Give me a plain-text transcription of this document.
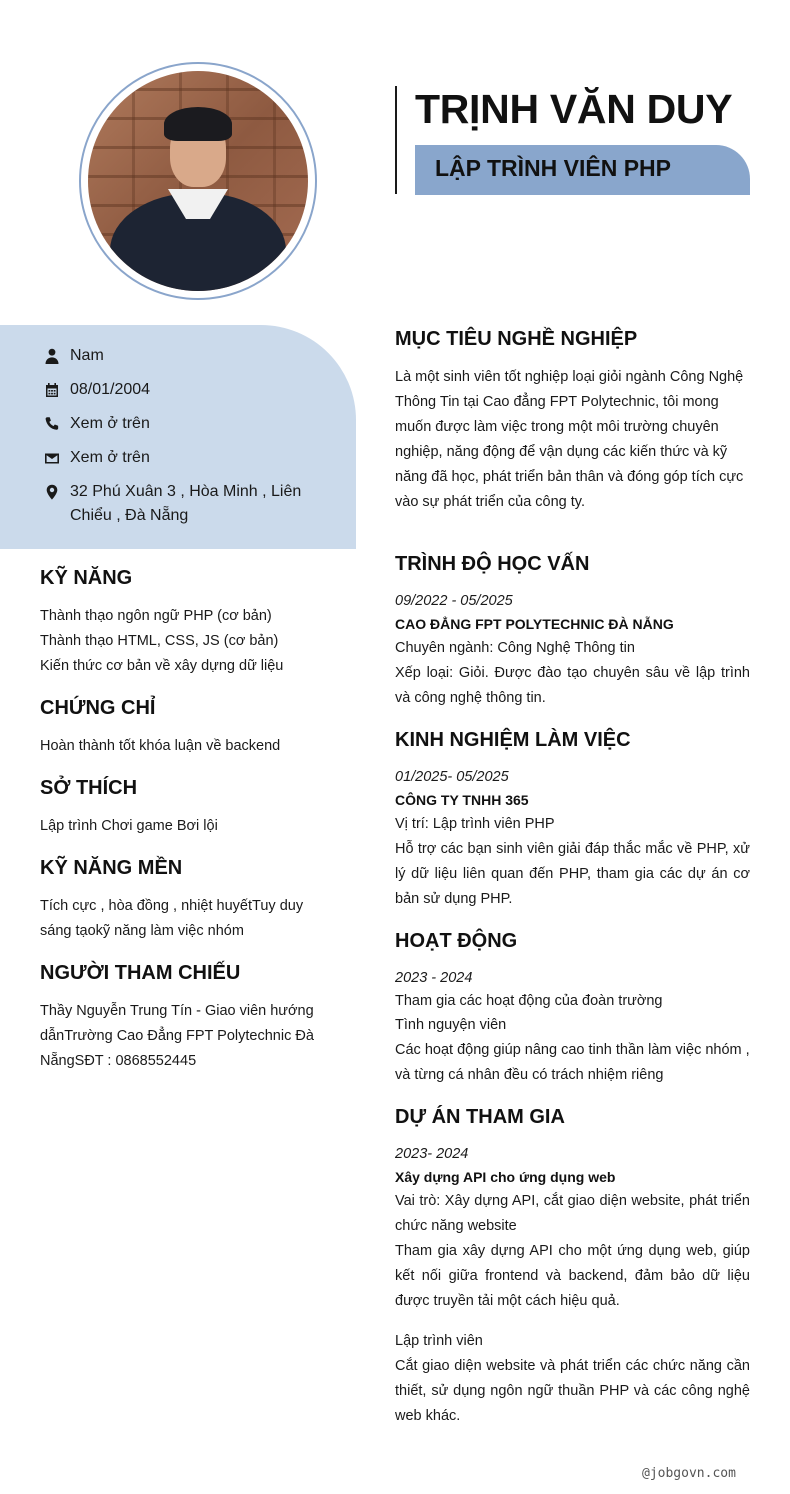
TRỊNH VĂN DUY
LẬP TRÌNH VIÊN PHP
Nam
08/01/2004
Xem ở trên
Xem ở trên
32 Phú Xuân 3 , Hòa Minh , Liên Chiểu , Đà Nẵng
KỸ NĂNG
Thành thạo ngôn ngữ PHP (cơ bản)
Thành thạo HTML, CSS, JS (cơ bản)
Kiến thức cơ bản về xây dựng dữ liệu
CHỨNG CHỈ
Hoàn thành tốt khóa luận về backend
SỞ THÍCH
Lập trình Chơi game Bơi lội
KỸ NĂNG MỀN
Tích cực , hòa đồng , nhiệt huyếtTuy duy sáng tạokỹ năng làm việc nhóm
NGƯỜI THAM CHIẾU
Thầy Nguyễn Trung Tín - Giao viên hướng dẫnTrường Cao Đẳng FPT Polytechnic Đà NẵngSĐT : 0868552445
MỤC TIÊU NGHỀ NGHIỆP
Là một sinh viên tốt nghiệp loại giỏi ngành Công Nghệ Thông Tin tại Cao đẳng FPT Polytechnic, tôi mong muốn được làm việc trong một môi trường chuyên nghiệp, năng động để vận dụng các kiến thức và kỹ năng đã học, phát triển bản thân và đóng góp tích cực vào sự phát triển của công ty.
TRÌNH ĐỘ HỌC VẤN
09/2022 - 05/2025
CAO ĐẲNG FPT POLYTECHNIC ĐÀ NẴNG
Chuyên ngành: Công Nghệ Thông tin
Xếp loại: Giỏi. Được đào tạo chuyên sâu về lập trình và công nghệ thông tin.
KINH NGHIỆM LÀM VIỆC
01/2025- 05/2025
CÔNG TY TNHH 365
Vị trí: Lập trình viên PHP
Hỗ trợ các bạn sinh viên giải đáp thắc mắc về PHP, xử lý dữ liệu liên quan đến PHP, tham gia các dự án cơ bản sử dụng PHP.
HOẠT ĐỘNG
2023 - 2024
Tham gia các hoạt động của đoàn trường
Tình nguyện viên
Các hoạt động giúp nâng cao tinh thần làm việc nhóm , và từng cá nhân đều có trách nhiệm riêng
DỰ ÁN THAM GIA
2023- 2024
Xây dựng API cho ứng dụng web
Vai trò: Xây dựng API, cắt giao diện website, phát triển chức năng website
Tham gia xây dựng API cho một ứng dụng web, giúp kết nối giữa frontend và backend, đảm bảo dữ liệu được truyền tải một cách hiệu quả.
Lập trình viên
Cắt giao diện website và phát triển các chức năng cần thiết, sử dụng ngôn ngữ thuần PHP và các công nghệ web khác.
@jobgovn.com
